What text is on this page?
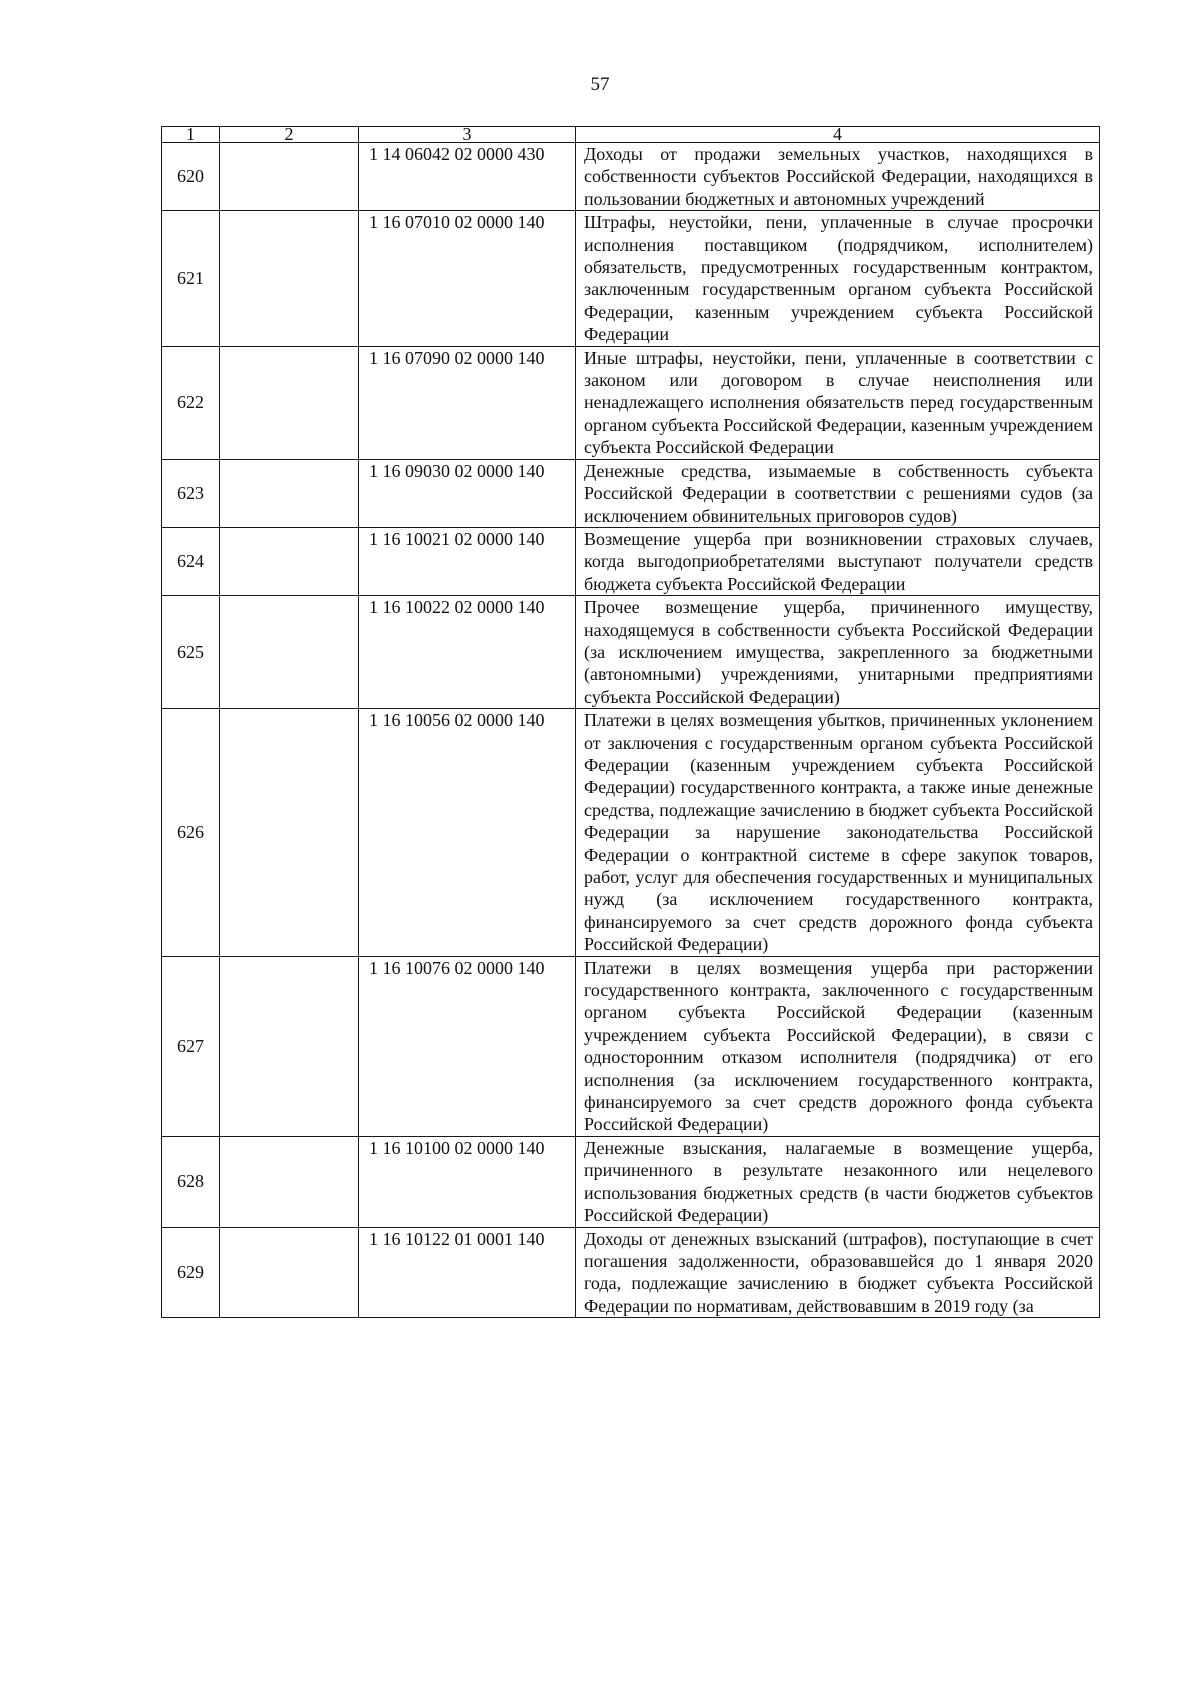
57
1	2	3	4
620		1 14 06042 02 0000 430	Доходы от продажи земельных участков, находящихся в собственности субъектов Российской Федерации, находящихся в пользовании бюджетных и автономных учреждений
621		1 16 07010 02 0000 140	Штрафы, неустойки, пени, уплаченные в случае просрочки исполнения поставщиком (подрядчиком, исполнителем) обязательств, предусмотренных государственным контрактом, заключенным государственным органом субъекта Российской Федерации, казенным учреждением субъекта Российской Федерации
622		1 16 07090 02 0000 140	Иные штрафы, неустойки, пени, уплаченные в соответствии с законом или договором в случае неисполнения или ненадлежащего исполнения обязательств перед государственным органом субъекта Российской Федерации, казенным учреждением субъекта Российской Федерации
623		1 16 09030 02 0000 140	Денежные средства, изымаемые в собственность субъекта Российской Федерации в соответствии с решениями судов (за исключением обвинительных приговоров судов)
624		1 16 10021 02 0000 140	Возмещение ущерба при возникновении страховых случаев, когда выгодоприобретателями выступают получатели средств бюджета субъекта Российской Федерации
625		1 16 10022 02 0000 140	Прочее возмещение ущерба, причиненного имуществу, находящемуся в собственности субъекта Российской Федерации (за исключением имущества, закрепленного за бюджетными (автономными) учреждениями, унитарными предприятиями субъекта Российской Федерации)
626		1 16 10056 02 0000 140	Платежи в целях возмещения убытков, причиненных уклонением от заключения с государственным органом субъекта Российской Федерации (казенным учреждением субъекта Российской Федерации) государственного контракта, а также иные денежные средства, подлежащие зачислению в бюджет субъекта Российской Федерации за нарушение законодательства Российской Федерации о контрактной системе в сфере закупок товаров, работ, услуг для обеспечения государственных и муниципальных нужд (за исключением государственного контракта, финансируемого за счет средств дорожного фонда субъекта Российской Федерации)
627		1 16 10076 02 0000 140	Платежи в целях возмещения ущерба при расторжении государственного контракта, заключенного с государственным органом субъекта Российской Федерации (казенным учреждением субъекта Российской Федерации), в связи с односторонним отказом исполнителя (подрядчика) от его исполнения (за исключением государственного контракта, финансируемого за счет средств дорожного фонда субъекта Российской Федерации)
628		1 16 10100 02 0000 140	Денежные взыскания, налагаемые в возмещение ущерба, причиненного в результате незаконного или нецелевого использования бюджетных средств (в части бюджетов субъектов Российской Федерации)
629		1 16 10122 01 0001 140	Доходы от денежных взысканий (штрафов), поступающие в счет погашения задолженности, образовавшейся до 1 января 2020 года, подлежащие зачислению в бюджет субъекта Российской Федерации по нормативам, действовавшим в 2019 году (за
